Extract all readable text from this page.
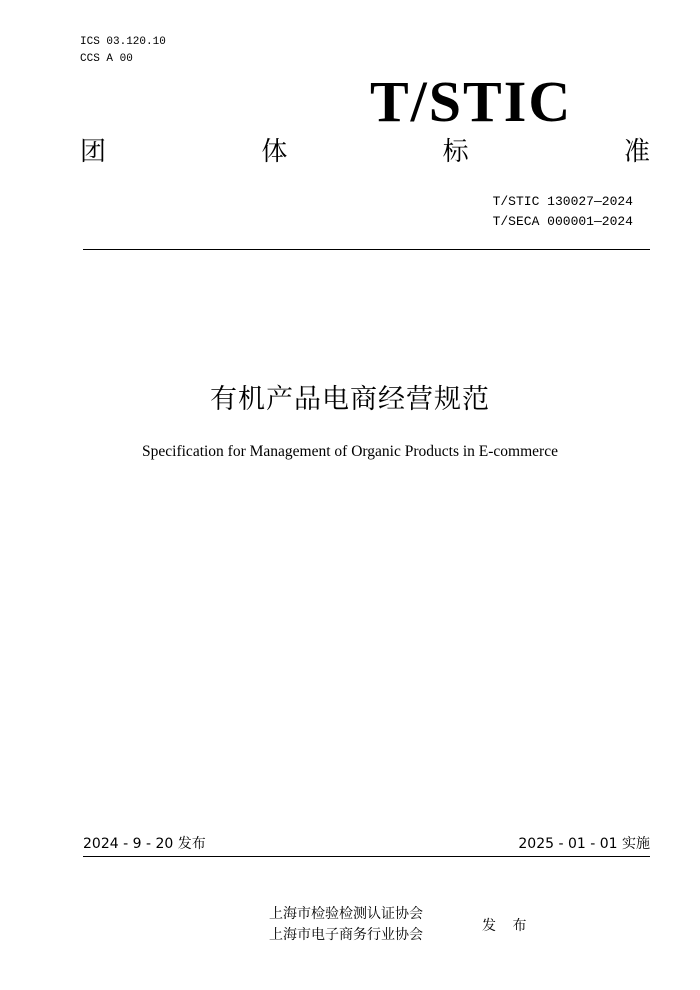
ICS 03.120.10
CCS A 00
T/STIC
团	体	标	准
T/STIC 130027—2024
T/SECA 000001—2024
有机产品电商经营规范
Specification for Management of Organic Products in E-commerce
2024 - 9 - 20 发布	2025 - 01 - 01 实施
上海市检验检测认证协会
上海市电子商务行业协会
发 布
